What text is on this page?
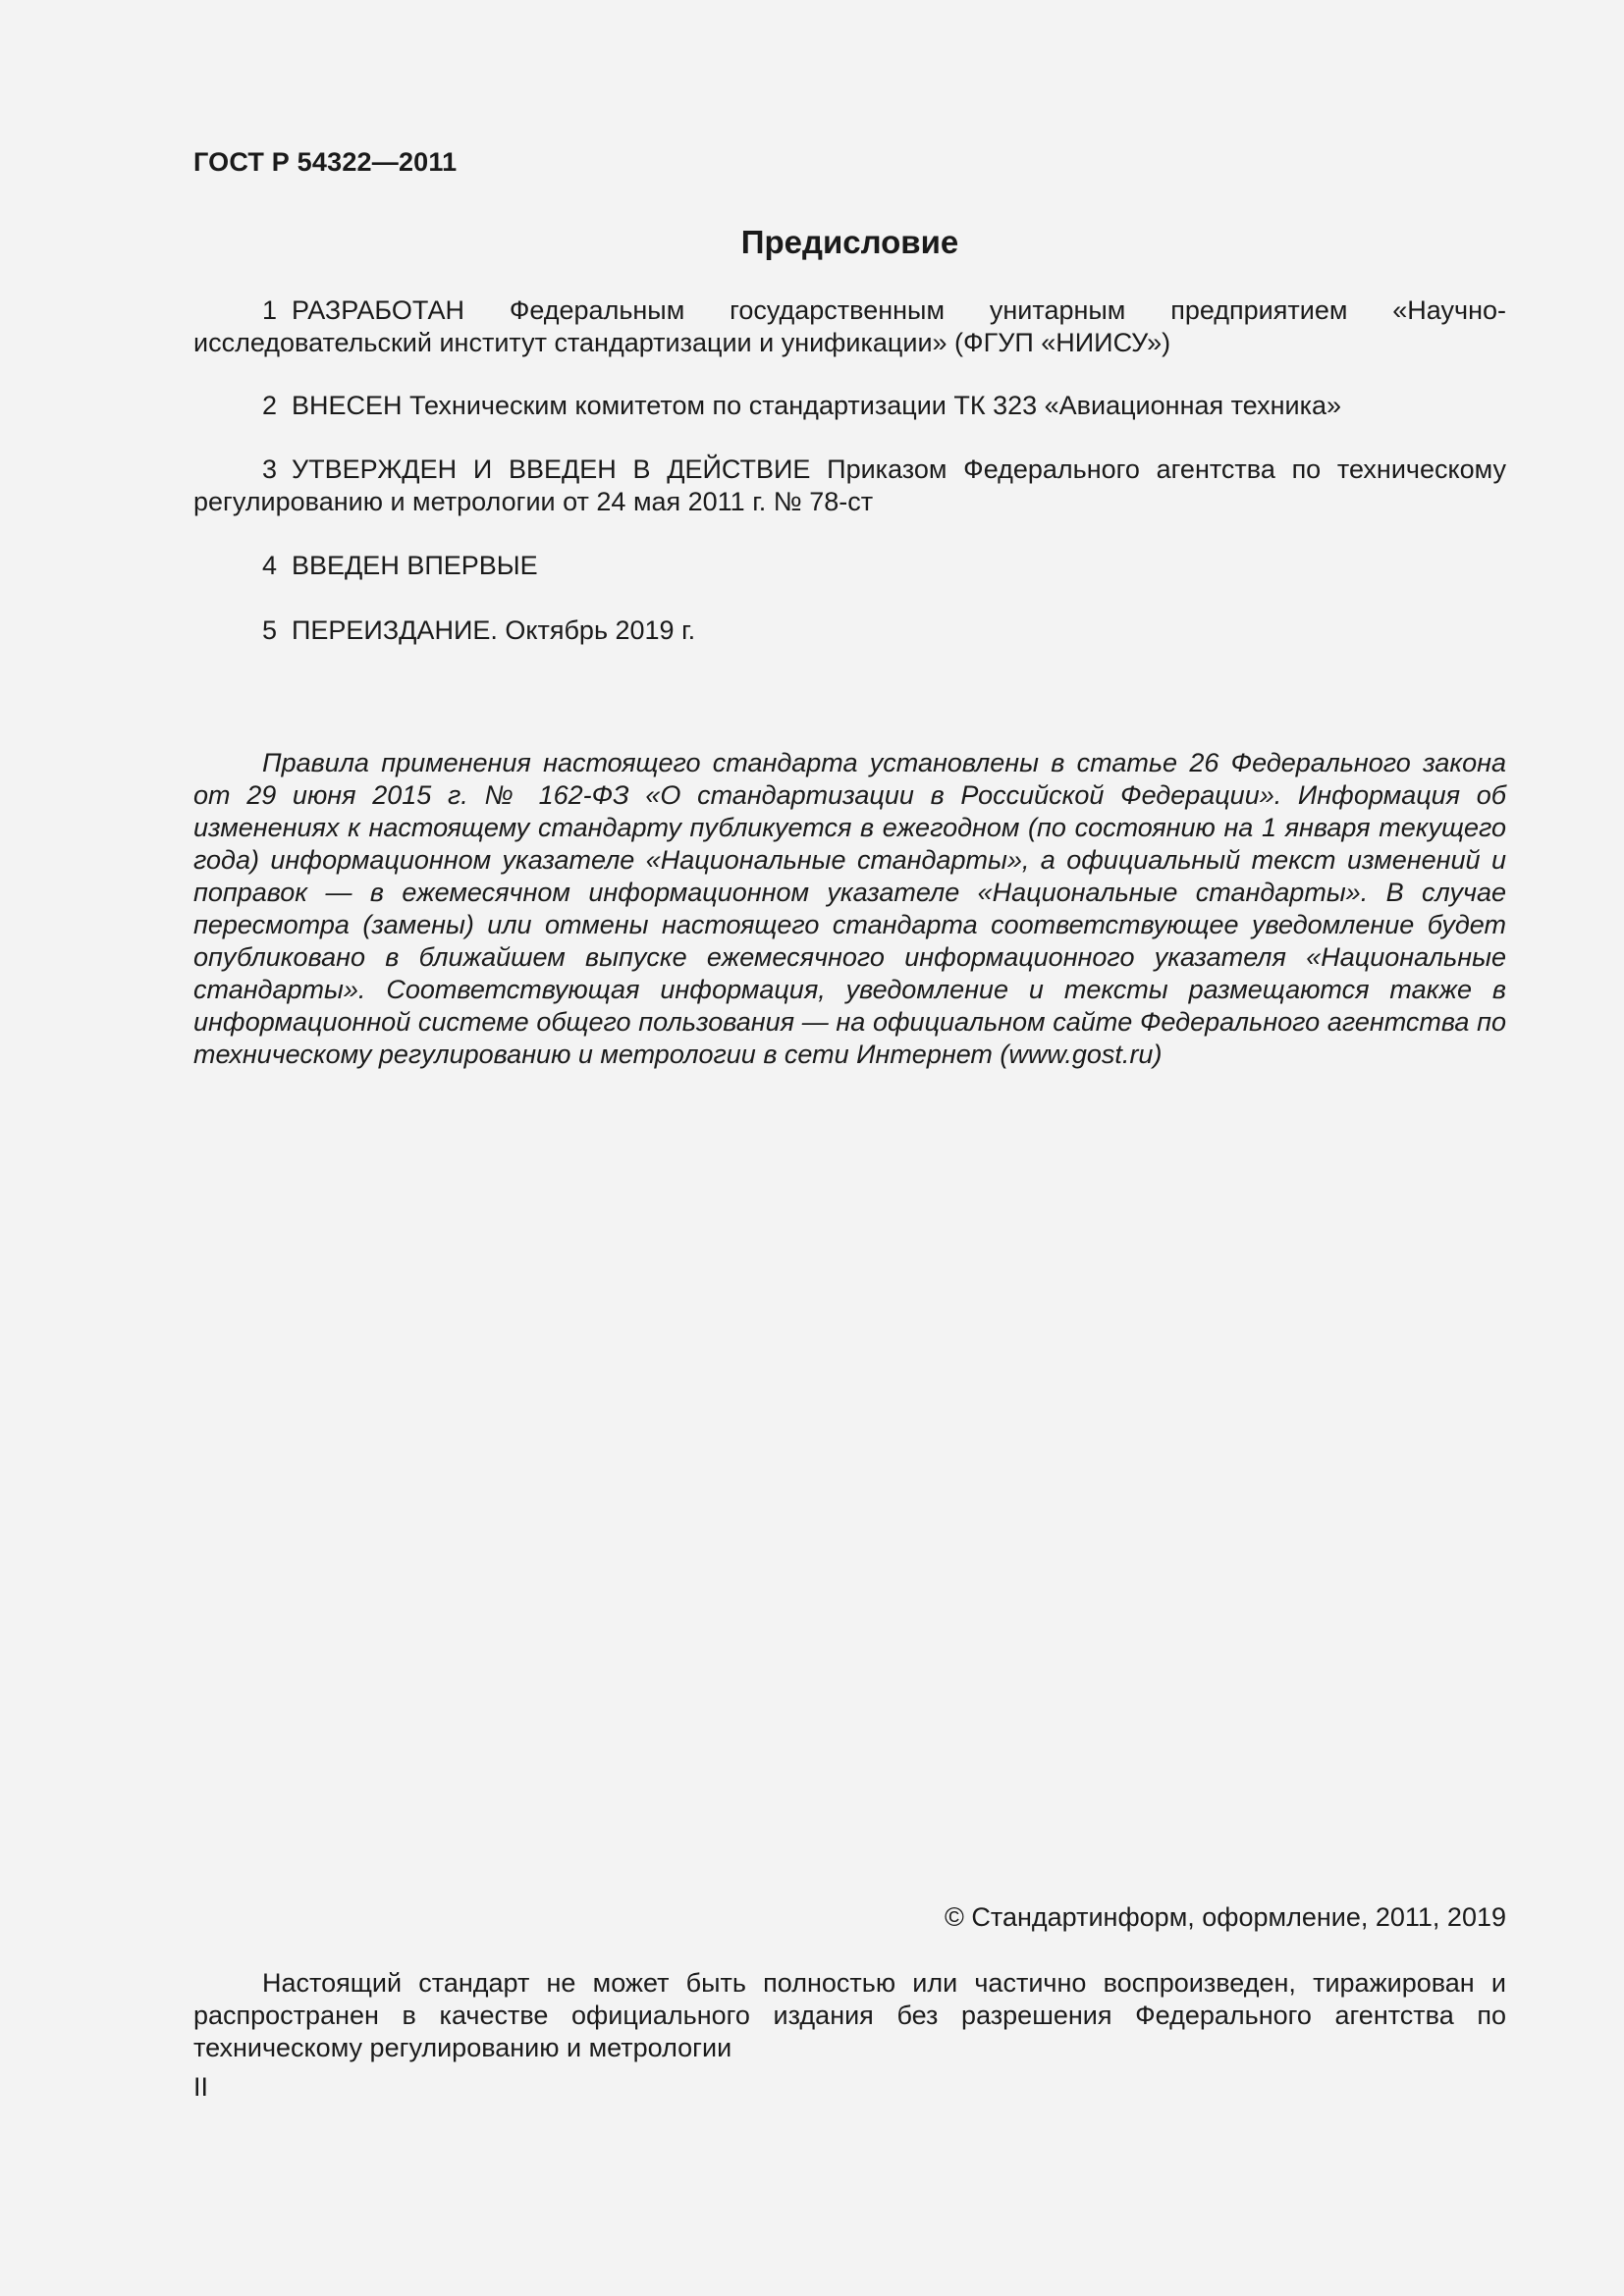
ГОСТ Р 54322—2011
Предисловие

1 РАЗРАБОТАН Федеральным государственным унитарным предприятием «Научно-исследовательский институт стандартизации и унификации» (ФГУП «НИИСУ»)

2 ВНЕСЕН Техническим комитетом по стандартизации ТК 323 «Авиационная техника»

3 УТВЕРЖДЕН И ВВЕДЕН В ДЕЙСТВИЕ Приказом Федерального агентства по техническому регулированию и метрологии от 24 мая 2011 г. № 78-ст

4 ВВЕДЕН ВПЕРВЫЕ

5 ПЕРЕИЗДАНИЕ. Октябрь 2019 г.

Правила применения настоящего стандарта установлены в статье 26 Федерального закона от 29 июня 2015 г. № 162-ФЗ «О стандартизации в Российской Федерации». Информация об изменениях к настоящему стандарту публикуется в ежегодном (по состоянию на 1 января текущего года) информационном указателе «Национальные стандарты», а официальный текст изменений и поправок — в ежемесячном информационном указателе «Национальные стандарты». В случае пересмотра (замены) или отмены настоящего стандарта соответствующее уведомление будет опубликовано в ближайшем выпуске ежемесячного информационного указателя «Национальные стандарты». Соответствующая информация, уведомление и тексты размещаются также в информационной системе общего пользования — на официальном сайте Федерального агентства по техническому регулированию и метрологии в сети Интернет (www.gost.ru)

© Стандартинформ, оформление, 2011, 2019

Настоящий стандарт не может быть полностью или частично воспроизведен, тиражирован и распространен в качестве официального издания без разрешения Федерального агентства по техническому регулированию и метрологии

II
